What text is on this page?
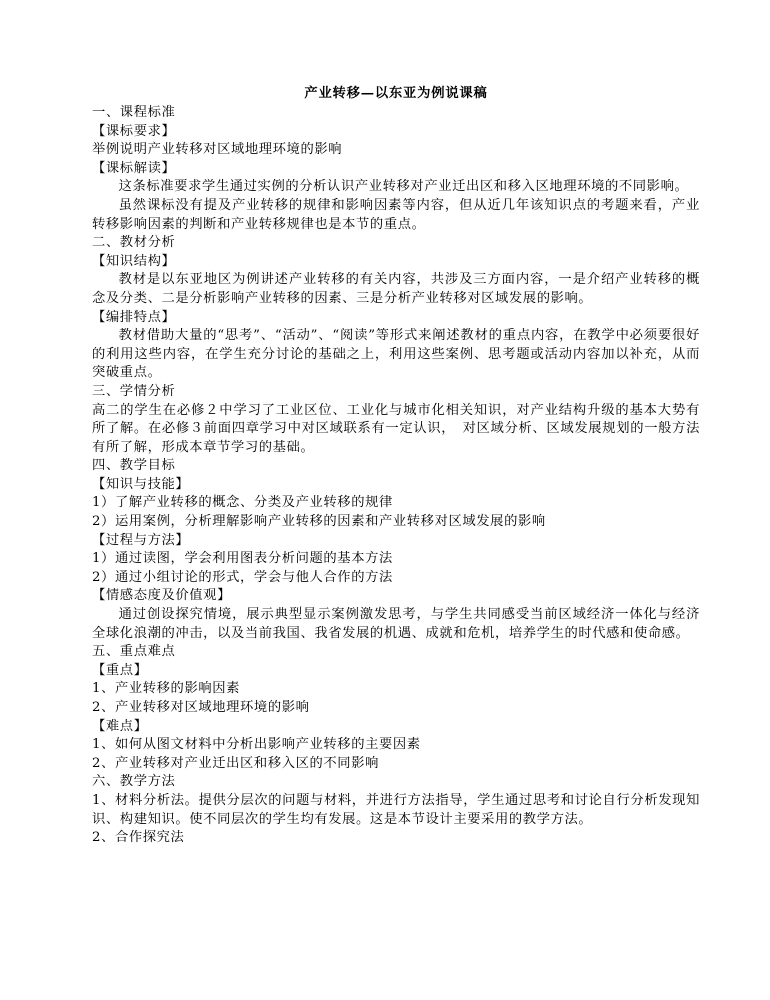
产业转移—以东亚为例说课稿
一、课程标准
【课标要求】
举例说明产业转移对区域地理环境的影响
【课标解读】

这条标准要求学生通过实例的分析认识产业转移对产业迁出区和移入区地理环境的不同影响。

虽然课标没有提及产业转移的规律和影响因素等内容，但从近几年该知识点的考题来看，产业转移影响因素的判断和产业转移规律也是本节的重点。

二、教材分析
【知识结构】

教材是以东亚地区为例讲述产业转移的有关内容，共涉及三方面内容，一是介绍产业转移的概念及分类、二是分析影响产业转移的因素、三是分析产业转移对区域发展的影响。

【编排特点】

教材借助大量的“思考”、“活动”、“阅读”等形式来阐述教材的重点内容，在教学中必须要很好的利用这些内容，在学生充分讨论的基础之上，利用这些案例、思考题或活动内容加以补充，从而突破重点。

三、学情分析

高二的学生在必修２中学习了工业区位、工业化与城市化相关知识，对产业结构升级的基本大势有所了解。在必修３前面四章学习中对区域联系有一定认识，　对区域分析、区域发展规划的一般方法有所了解，形成本章节学习的基础。

四、教学目标
【知识与技能】
1）了解产业转移的概念、分类及产业转移的规律
2）运用案例，分析理解影响产业转移的因素和产业转移对区域发展的影响
【过程与方法】
1）通过读图，学会利用图表分析问题的基本方法
2）通过小组讨论的形式，学会与他人合作的方法
【情感态度及价值观】

通过创设探究情境，展示典型显示案例激发思考，与学生共同感受当前区域经济一体化与经济全球化浪潮的冲击，以及当前我国、我省发展的机遇、成就和危机，培养学生的时代感和使命感。

五、重点难点
【重点】
1、产业转移的影响因素
2、产业转移对区域地理环境的影响
【难点】
1、如何从图文材料中分析出影响产业转移的主要因素
2、产业转移对产业迁出区和移入区的不同影响
六、教学方法

1、材料分析法。提供分层次的问题与材料，并进行方法指导，学生通过思考和讨论自行分析发现知识、构建知识。使不同层次的学生均有发展。这是本节设计主要采用的教学方法。

2、合作探究法
